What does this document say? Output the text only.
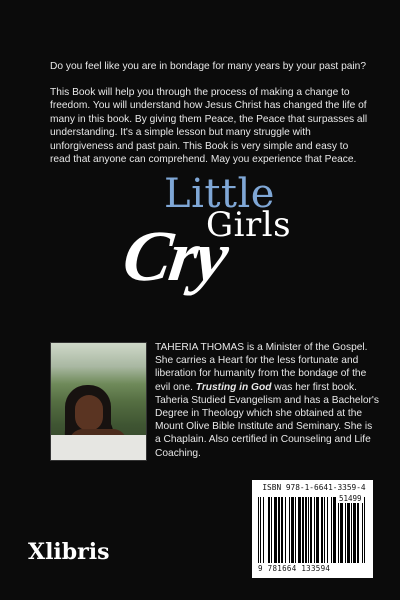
Do you feel like you are in bondage for many years by your past pain?
This Book will help you through the process of making a change to freedom. You will understand how Jesus Christ has changed the life of many in this book. By giving them Peace, the Peace that surpasses all understanding. It's a simple lesson but many struggle with unforgiveness and past pain. This Book is very simple and easy to read that anyone can comprehend. May you experience that Peace.
Little
Cry
Girls
TAHERIA THOMAS is a Minister of the Gospel. She carries a Heart for the less fortunate and liberation for humanity from the bondage of the evil one. Trusting in God was her first book. Taheria Studied Evangelism and has a Bachelor's Degree in Theology which she obtained at the Mount Olive Bible Institute and Seminary. She is a Chaplain. Also certified in Counseling and Life Coaching.
Xlibris
ISBN 978-1-6641-3359-4
51499
9 781664 133594
